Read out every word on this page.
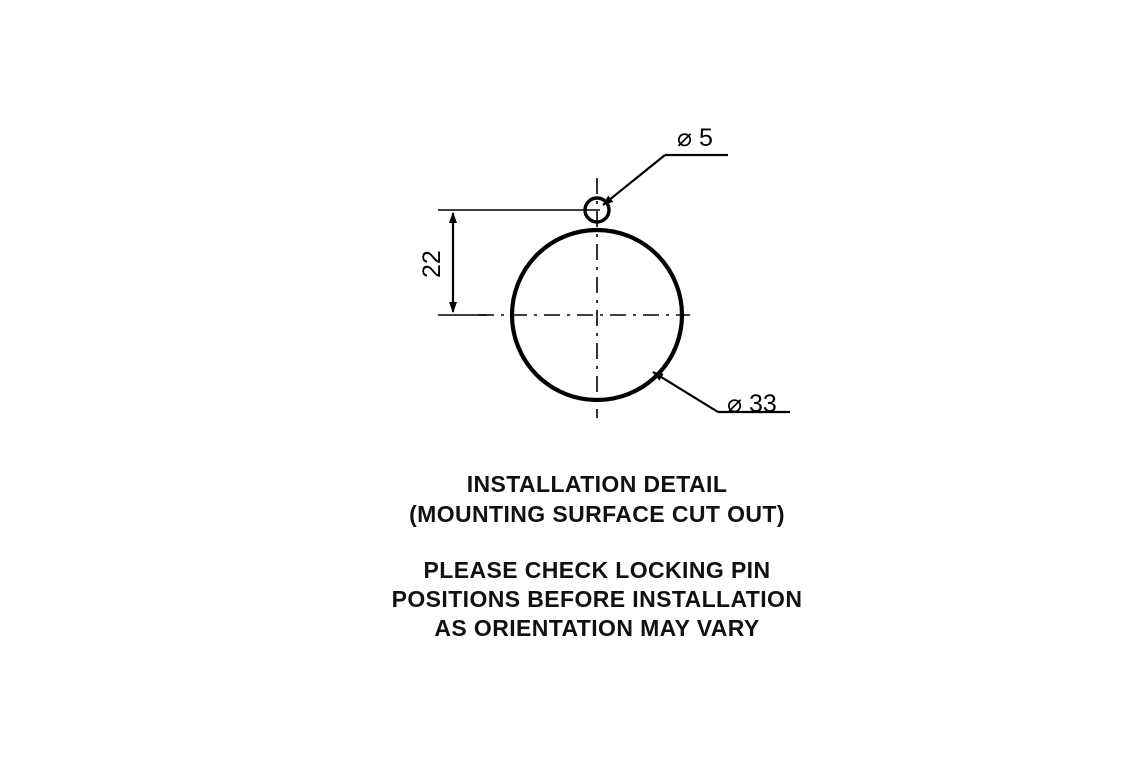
⌀ 5
⌀ 33
22
INSTALLATION DETAIL
(MOUNTING SURFACE CUT OUT)
PLEASE CHECK LOCKING PIN
POSITIONS BEFORE INSTALLATION
AS ORIENTATION MAY VARY
